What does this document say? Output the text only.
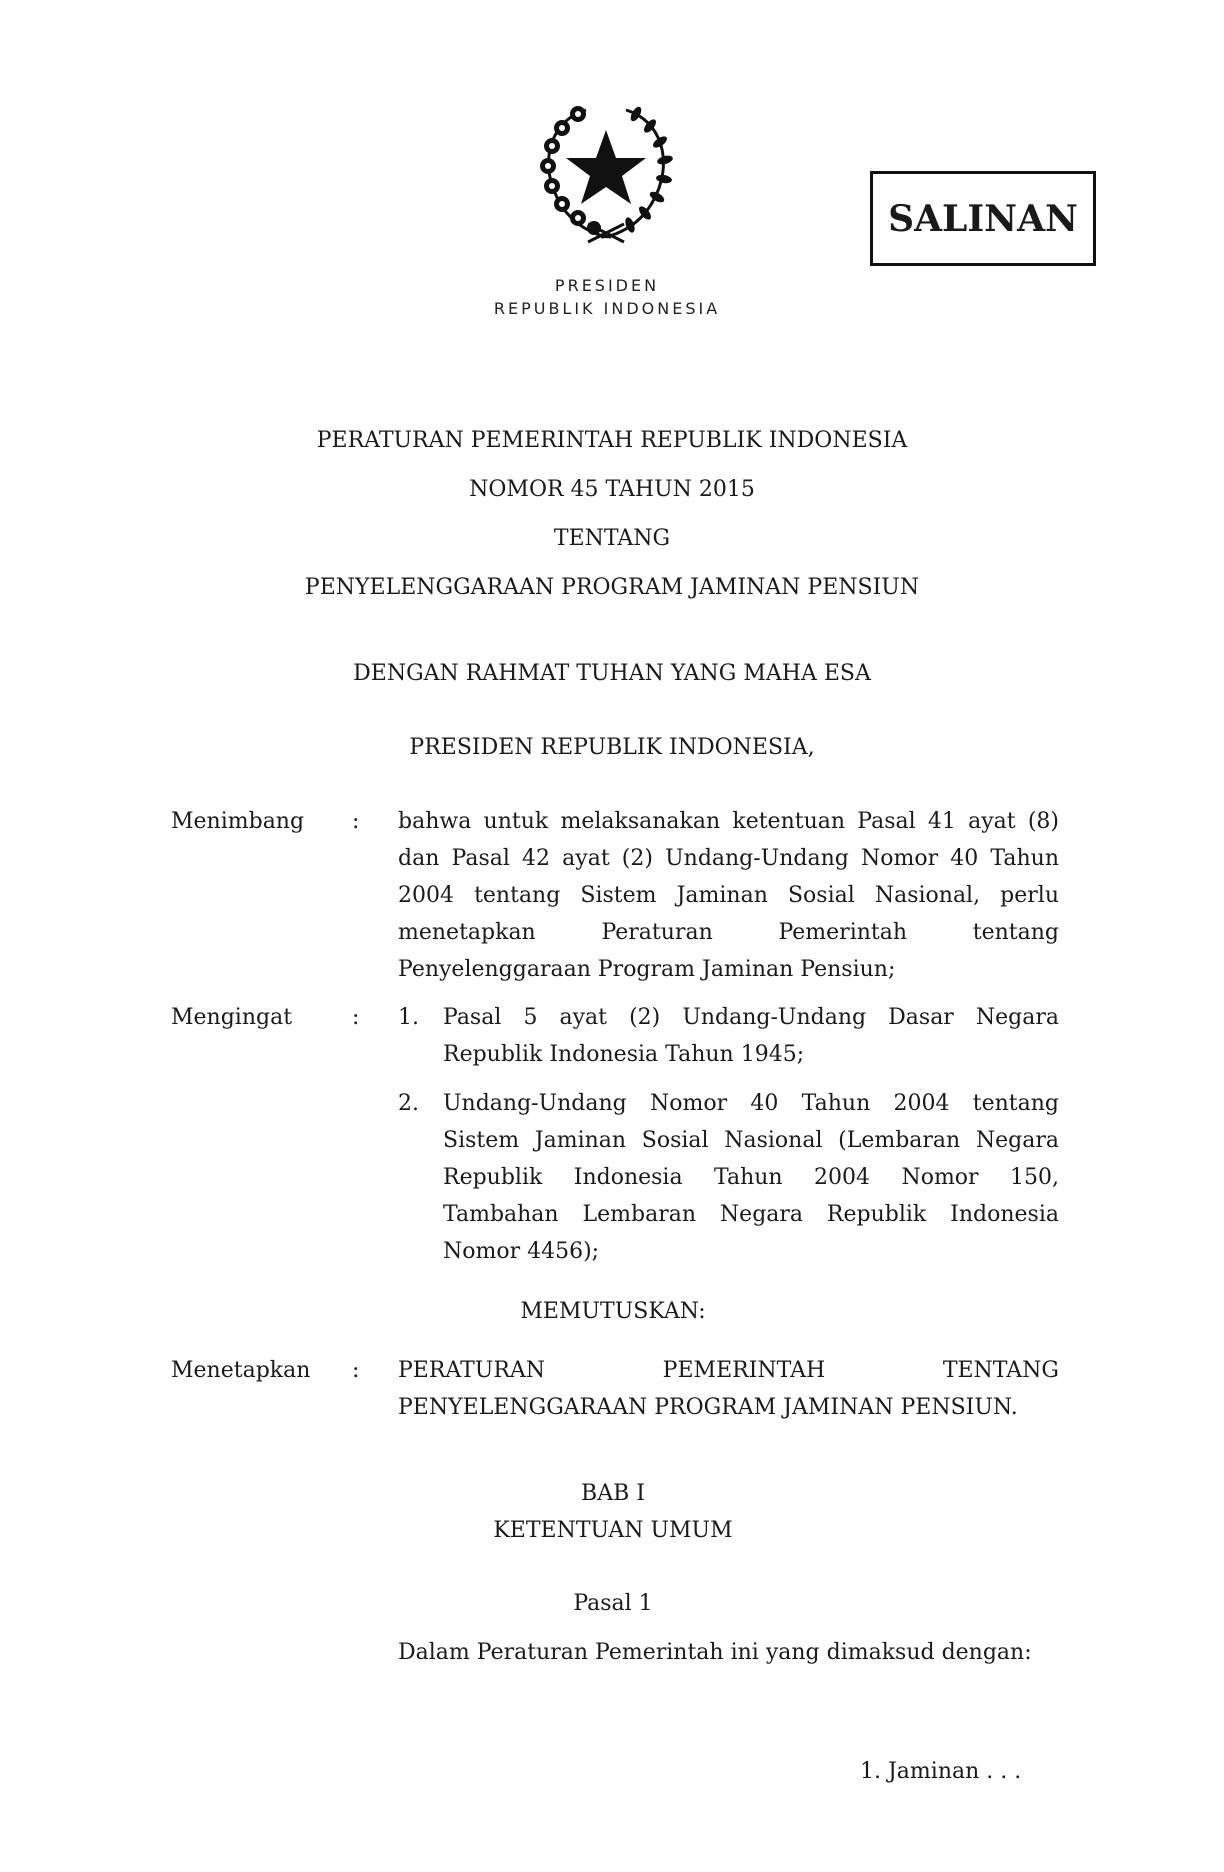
PRESIDEN
REPUBLIK INDONESIA
SALINAN
PERATURAN PEMERINTAH REPUBLIK INDONESIA
NOMOR 45 TAHUN 2015
TENTANG
PENYELENGGARAAN PROGRAM JAMINAN PENSIUN
DENGAN RAHMAT TUHAN YANG MAHA ESA
PRESIDEN REPUBLIK INDONESIA,
Menimbang : bahwa untuk melaksanakan ketentuan Pasal 41 ayat (8) dan Pasal 42 ayat (2) Undang-Undang Nomor 40 Tahun 2004 tentang Sistem Jaminan Sosial Nasional, perlu menetapkan Peraturan Pemerintah tentang Penyelenggaraan Program Jaminan Pensiun;
Mengingat	: 1. Pasal 5 ayat (2) Undang-Undang Dasar Negara Republik Indonesia Tahun 1945;
2. Undang-Undang Nomor 40 Tahun 2004 tentang Sistem Jaminan Sosial Nasional (Lembaran Negara Republik Indonesia Tahun 2004 Nomor 150, Tambahan Lembaran Negara Republik Indonesia Nomor 4456);
MEMUTUSKAN:
Menetapkan : PERATURAN PEMERINTAH TENTANG
PENYELENGGARAAN PROGRAM JAMINAN PENSIUN.
BAB I
KETENTUAN UMUM
Pasal 1
Dalam Peraturan Pemerintah ini yang dimaksud dengan:
1. Jaminan . . .
